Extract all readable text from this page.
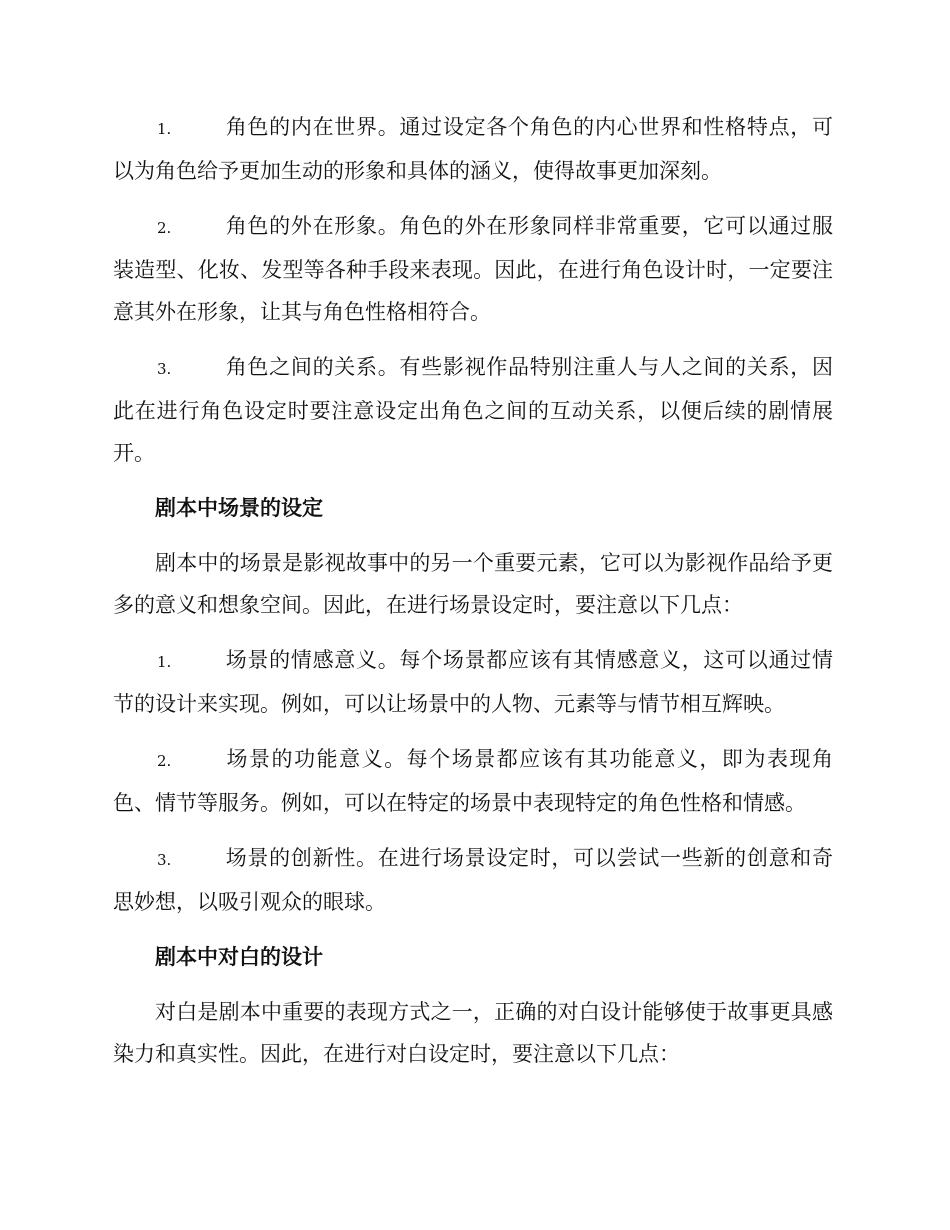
1.	角色的内在世界。通过设定各个角色的内心世界和性格特点，可以为角色给予更加生动的形象和具体的涵义，使得故事更加深刻。

2.	角色的外在形象。角色的外在形象同样非常重要，它可以通过服装造型、化妆、发型等各种手段来表现。因此，在进行角色设计时，一定要注意其外在形象，让其与角色性格相符合。

3.	角色之间的关系。有些影视作品特别注重人与人之间的关系，因此在进行角色设定时要注意设定出角色之间的互动关系，以便后续的剧情展开。

剧本中场景的设定

剧本中的场景是影视故事中的另一个重要元素，它可以为影视作品给予更多的意义和想象空间。因此，在进行场景设定时，要注意以下几点：

1.	场景的情感意义。每个场景都应该有其情感意义，这可以通过情节的设计来实现。例如，可以让场景中的人物、元素等与情节相互辉映。

2.	场景的功能意义。每个场景都应该有其功能意义，即为表现角色、情节等服务。例如，可以在特定的场景中表现特定的角色性格和情感。

3.	场景的创新性。在进行场景设定时，可以尝试一些新的创意和奇思妙想，以吸引观众的眼球。

剧本中对白的设计

对白是剧本中重要的表现方式之一，正确的对白设计能够使于故事更具感染力和真实性。因此，在进行对白设定时，要注意以下几点：
